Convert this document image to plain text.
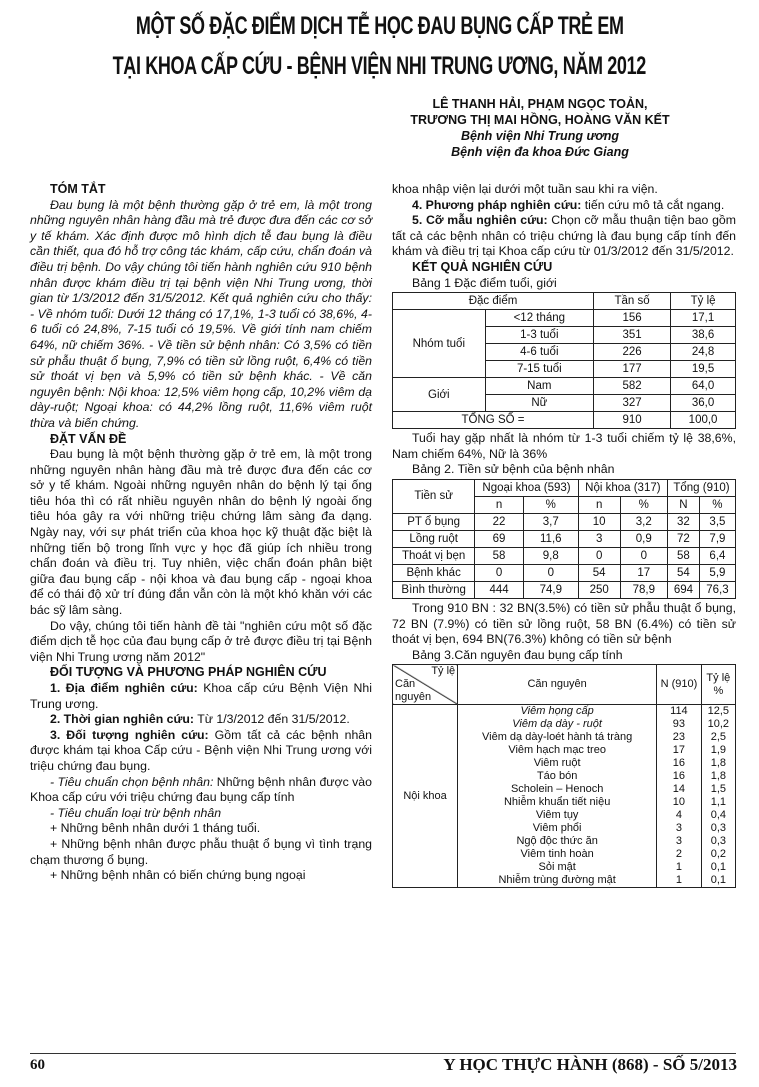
MỘT SỐ ĐẶC ĐIỂM DỊCH TỄ HỌC ĐAU BỤNG CẤP TRẺ EM
TẠI KHOA CẤP CỨU - BỆNH VIỆN NHI TRUNG ƯƠNG, NĂM 2012
LÊ THANH HẢI, PHẠM NGỌC TOẢN,
TRƯƠNG THỊ MAI HỒNG, HOÀNG VĂN KẾT
Bệnh viện Nhi Trung ương
Bệnh viện đa khoa Đức Giang
TÓM TẮT

Đau bụng là một bệnh thường gặp ở trẻ em, là một trong những nguyên nhân hàng đầu mà trẻ được đưa đến các cơ sở y tế khám. Xác định được mô hình dịch tễ đau bụng là điều cần thiết, qua đó hỗ trợ công tác khám, cấp cứu, chẩn đoán và điều trị bệnh. Do vậy chúng tôi tiến hành nghiên cứu 910 bệnh nhân được khám điều trị tại bệnh viện Nhi Trung ương, thời gian từ 1/3/2012 đến 31/5/2012. Kết quả nghiên cứu cho thấy: - Về nhóm tuổi: Dưới 12 tháng có 17,1%, 1-3 tuổi có 38,6%, 4-6 tuổi có 24,8%, 7-15 tuổi có 19,5%. Về giới tính nam chiếm 64%, nữ chiếm 36%. - Về tiền sử bệnh nhân: Có 3,5% có tiền sử phẫu thuật ổ bụng, 7,9% có tiền sử lồng ruột, 6,4% có tiền sử thoát vị bẹn và 5,9% có tiền sử bệnh khác. - Về căn nguyên bệnh: Nội khoa: 12,5% viêm họng cấp, 10,2% viêm dạ dày-ruột; Ngoại khoa: có 44,2% lồng ruột, 11,6% viêm ruột thừa và biến chứng.

ĐẶT VẤN ĐỀ

Đau bụng là một bệnh thường gặp ở trẻ em, là một trong những nguyên nhân hàng đầu mà trẻ được đưa đến các cơ sở y tế khám. Ngoài những nguyên nhân do bệnh lý tại ống tiêu hóa thì có rất nhiều nguyên nhân do bệnh lý ngoài ống tiêu hóa gây ra với những triệu chứng lâm sàng đa dạng. Ngày nay, với sự phát triển của khoa học kỹ thuật đặc biệt là những tiến bộ trong lĩnh vực y học đã giúp ích nhiều trong chẩn đoán và điều trị. Tuy nhiên, việc chẩn đoán phân biệt giữa đau bụng cấp - nội khoa và đau bụng cấp - ngoại khoa để có thái độ xử trí đúng đắn vẫn còn là một khó khăn với các bác sỹ lâm sàng.

Do vậy, chúng tôi tiến hành đề tài "nghiên cứu một số đặc điểm dịch tễ học của đau bụng cấp ở trẻ được điều trị tại Bệnh viện Nhi Trung ương năm 2012"

ĐỐI TƯỢNG VÀ PHƯƠNG PHÁP NGHIÊN CỨU

1. Địa điểm nghiên cứu: Khoa cấp cứu Bệnh Viện Nhi Trung ương.

2. Thời gian nghiên cứu: Từ 1/3/2012 đến 31/5/2012.

3. Đối tượng nghiên cứu: Gồm tất cả các bệnh nhân được khám tại khoa Cấp cứu - Bệnh viện Nhi Trung ương với triệu chứng đau bụng.

- Tiêu chuẩn chọn bệnh nhân: Những bệnh nhân được vào Khoa cấp cứu với triệu chứng đau bụng cấp tính

- Tiêu chuẩn loại trừ bệnh nhân

+ Những bênh nhân dưới 1 tháng tuổi.

+ Những bệnh nhân được phẫu thuật ổ bụng vì tình trạng chạm thương ổ bụng.

+ Những bệnh nhân có biến chứng bụng ngoại

khoa nhập viện lại dưới một tuần sau khi ra viện.

4. Phương pháp nghiên cứu: tiến cứu mô tả cắt ngang.

5. Cỡ mẫu nghiên cứu: Chọn cỡ mẫu thuận tiện bao gồm tất cả các bệnh nhân có triệu chứng là đau bụng cấp tính đến khám và điều trị tại Khoa cấp cứu từ 01/3/2012 đến 31/5/2012.

KẾT QUẢ NGHIÊN CỨU
Bảng 1 Đặc điểm tuổi, giới
Đặc điểm		Tần số	Tỷ lệ
Nhóm tuổi	<12 tháng	156	17,1
	1-3 tuổi	351	38,6
	4-6 tuổi	226	24,8
	7-15 tuổi	177	19,5
Giới	Nam	582	64,0
	Nữ	327	36,0
TỔNG SỐ =		910	100,0

Tuổi hay gặp nhất là nhóm từ 1-3 tuổi chiếm tỷ lệ 38,6%, Nam chiếm 64%, Nữ là 36%

Bảng 2. Tiền sử bệnh của bệnh nhân
Tiền sử	Ngoại khoa (593)		Nội khoa (317)		Tổng (910)	
	n	%	n	%	N	%
PT ổ bụng	22	3,7	10	3,2	32	3,5
Lồng ruột	69	11,6	3	0,9	72	7,9
Thoát vị bẹn	58	9,8	0	0	58	6,4
Bệnh khác	0	0	54	17	54	5,9
Bình thường	444	74,9	250	78,9	694	76,3

Trong 910 BN : 32 BN(3.5%) có tiền sử phẫu thuật ổ bụng, 72 BN (7.9%) có tiền sử lồng ruột, 58 BN (6.4%) có tiền sử thoát vị bẹn, 694 BN(76.3%) không có tiền sử bệnh

Bảng 3.Căn nguyên đau bụng cấp tính
Tỷ lệ
Căn nguyên	Căn nguyên	N (910)	Tỷ lệ %
Nội khoa	Viêm họng cấp	114	12,5
	Viêm dạ dày - ruột	93	10,2
	Viêm dạ dày-loét hành tá tràng	23	2,5
	Viêm hạch mạc treo	17	1,9
	Viêm ruột	16	1,8
	Táo bón	16	1,8
	Scholein – Henoch	14	1,5
	Nhiễm khuẩn tiết niệu	10	1,1
	Viêm tụy	4	0,4
	Viêm phổi	3	0,3
	Ngộ độc thức ăn	3	0,3
	Viêm tinh hoàn	2	0,2
	Sỏi mật	1	0,1
	Nhiễm trùng đường mật	1	0,1
60	Y HỌC THỰC HÀNH (868) - SỐ 5/2013
